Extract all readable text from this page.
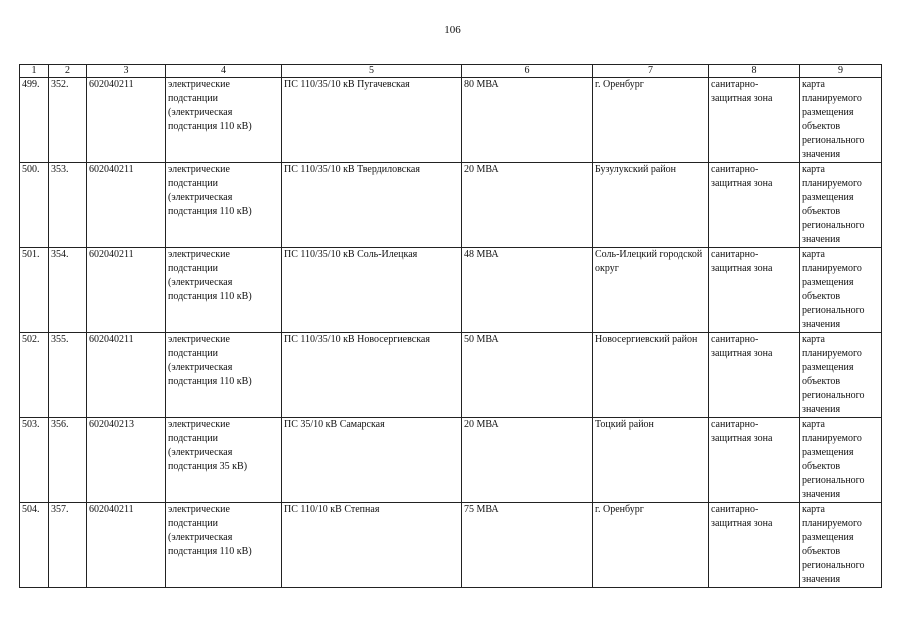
106
1	2	3	4	5	6	7	8	9
499.	352.	602040211	электрические подстанции (электрическая подстанция 110 кВ)	ПС 110/35/10 кВ Пугачевская	80 МВА	г. Оренбург	санитарно-защитная зона	карта планируемого размещения объектов регионального значения
500.	353.	602040211	электрические подстанции (электрическая подстанция 110 кВ)	ПС 110/35/10 кВ Твердиловская	20 МВА	Бузулукский район	санитарно-защитная зона	карта планируемого размещения объектов регионального значения
501.	354.	602040211	электрические подстанции (электрическая подстанция 110 кВ)	ПС 110/35/10 кВ Соль-Илецкая	48 МВА	Соль-Илецкий городской округ	санитарно-защитная зона	карта планируемого размещения объектов регионального значения
502.	355.	602040211	электрические подстанции (электрическая подстанция 110 кВ)	ПС 110/35/10 кВ Новосергиевская	50 МВА	Новосергиевский район	санитарно-защитная зона	карта планируемого размещения объектов регионального значения
503.	356.	602040213	электрические подстанции (электрическая подстанция 35 кВ)	ПС 35/10 кВ Самарская	20 МВА	Тоцкий район	санитарно-защитная зона	карта планируемого размещения объектов регионального значения
504.	357.	602040211	электрические подстанции (электрическая подстанция 110 кВ)	ПС 110/10 кВ Степная	75 МВА	г. Оренбург	санитарно-защитная зона	карта планируемого размещения объектов регионального значения
